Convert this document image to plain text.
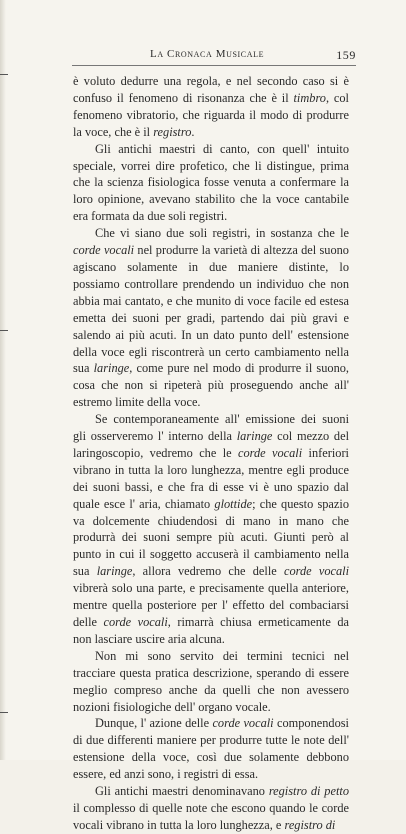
La Cronaca Musicale	159

è voluto dedurre una regola, e nel secondo caso si è confuso il fenomeno di risonanza che è il timbro, col fenomeno vibratorio, che riguarda il modo di produrre la voce, che è il registro.

Gli antichi maestri di canto, con quell' intuito speciale, vorrei dire profetico, che li distingue, prima che la scienza fisiologica fosse venuta a confermare la loro opinione, avevano stabilito che la voce cantabile era formata da due soli registri.

Che vi siano due soli registri, in sostanza che le corde vocali nel produrre la varietà di altezza del suono agiscano solamente in due maniere distinte, lo possiamo controllare prendendo un individuo che non abbia mai cantato, e che munito di voce facile ed estesa emetta dei suoni per gradi, partendo dai più gravi e salendo ai più acuti. In un dato punto dell' estensione della voce egli riscontrerà un certo cambiamento nella sua laringe, come pure nel modo di produrre il suono, cosa che non si ripeterà più proseguendo anche all' estremo limite della voce.

Se contemporaneamente all' emissione dei suoni gli osserveremo l' interno della laringe col mezzo del laringoscopio, vedremo che le corde vocali inferiori vibrano in tutta la loro lunghezza, mentre egli produce dei suoni bassi, e che fra di esse vi è uno spazio dal quale esce l' aria, chiamato glottide; che questo spazio va dolcemente chiudendosi di mano in mano che produrrà dei suoni sempre più acuti. Giunti però al punto in cui il soggetto accuserà il cambiamento nella sua laringe, allora vedremo che delle corde vocali vibrerà solo una parte, e precisamente quella anteriore, mentre quella posteriore per l' effetto del combaciarsi delle corde vocali, rimarrà chiusa ermeticamente da non lasciare uscire aria alcuna.

Non mi sono servito dei termini tecnici nel tracciare questa pratica descrizione, sperando di essere meglio compreso anche da quelli che non avessero nozioni fisiologiche dell' organo vocale.

Dunque, l' azione delle corde vocali componendosi di due differenti maniere per produrre tutte le note dell' estensione della voce, così due solamente debbono essere, ed anzi sono, i registri di essa.

Gli antichi maestri denominavano registro di petto il complesso di quelle note che escono quando le corde vocali vibrano in tutta la loro lunghezza, e registro di
